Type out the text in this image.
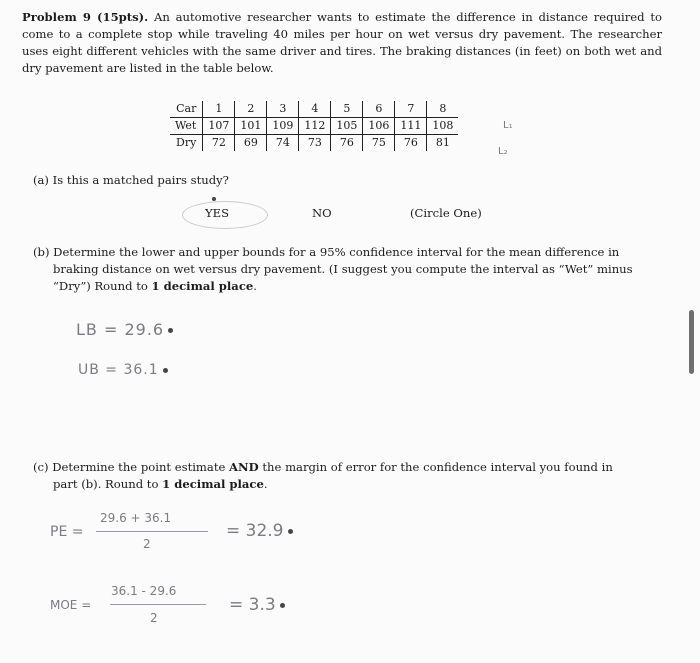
Problem 9 (15pts). An automotive researcher wants to estimate the difference in distance required to come to a complete stop while traveling 40 miles per hour on wet versus dry pavement. The researcher uses eight different vehicles with the same driver and tires. The braking distances (in feet) on both wet and dry pavement are listed in the table below.
Car	1	2	3	4	5	6	7	8
Wet	107	101	109	112	105	106	111	108
Dry	72	69	74	73	76	75	76	81
L₁
L₂
(a) Is this a matched pairs study?
YES	NO	(Circle One)
(b) Determine the lower and upper bounds for a 95% confidence interval for the mean difference in
braking distance on wet versus dry pavement. (I suggest you compute the interval as “Wet” minus
“Dry”) Round to 1 decimal place.
LB = 29.6
UB = 36.1
(c) Determine the point estimate AND the margin of error for the confidence interval you found in
part (b). Round to 1 decimal place.
PE =
29.6 + 36.1
2
= 32.9
MOE =
36.1 - 29.6
2
= 3.3
